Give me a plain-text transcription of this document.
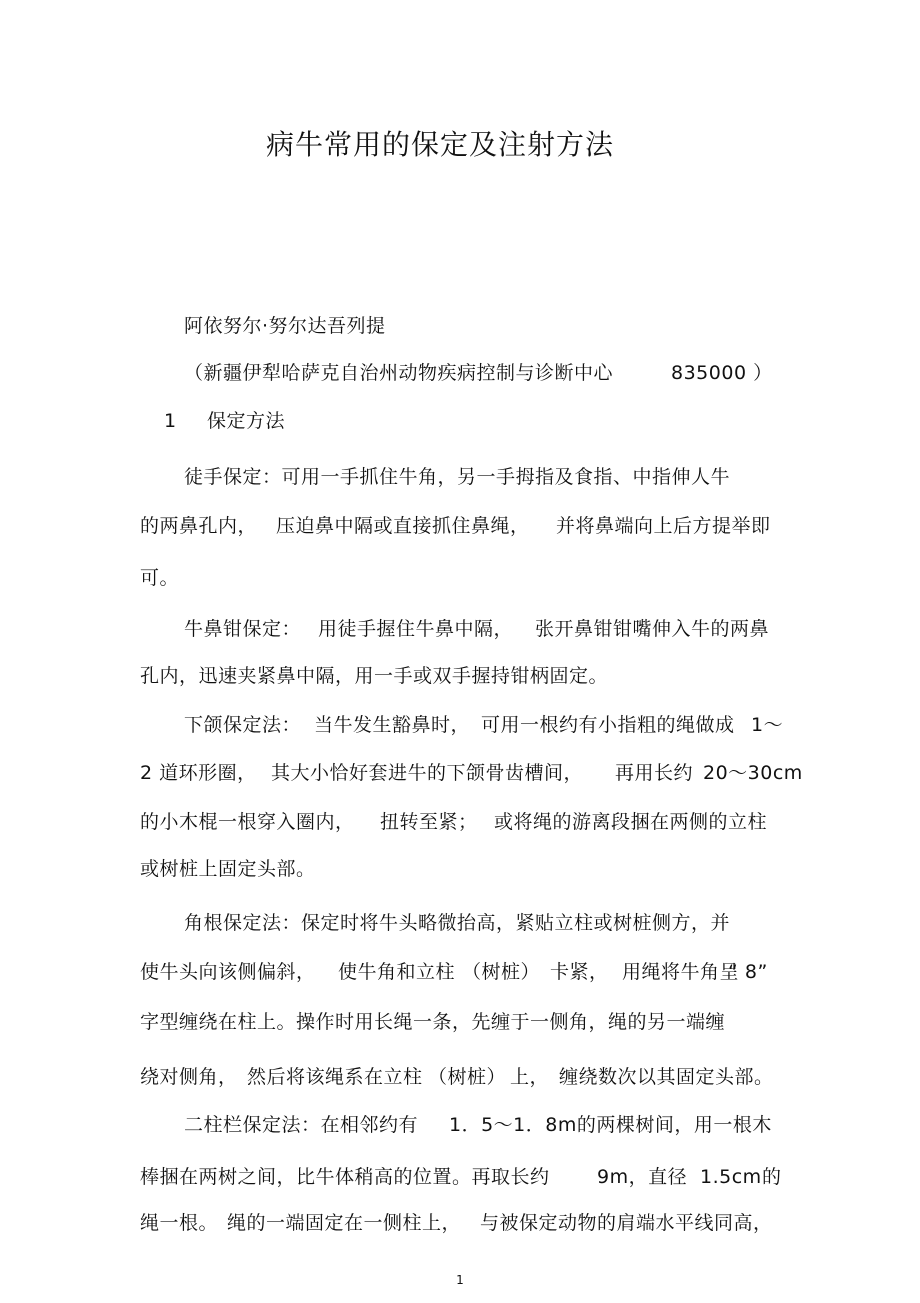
病牛常用的保定及注射方法
阿依努尔·努尔达吾列提
（新疆伊犁哈萨克自治州动物疾病控制与诊断中心	835000 ）
1 保定方法
徒手保定：可用一手抓住牛角，另一手拇指及食指、中指伸人牛
的两鼻孔内， 压迫鼻中隔或直接抓住鼻绳， 并将鼻端向上后方提举即
可。
牛鼻钳保定： 用徒手握住牛鼻中隔， 张开鼻钳钳嘴伸入牛的两鼻
孔内，迅速夹紧鼻中隔，用一手或双手握持钳柄固定。
下颌保定法： 当牛发生豁鼻时， 可用一根约有小指粗的绳做成 1～
2 道环形圈， 其大小恰好套进牛的下颌骨齿槽间， 再用长约 20～30cm
的小木棍一根穿入圈内， 扭转至紧； 或将绳的游离段捆在两侧的立柱
或树桩上固定头部。
角根保定法：保定时将牛头略微抬高，紧贴立柱或树桩侧方，并
使牛头向该侧偏斜， 使牛角和立柱 （树桩） 卡紧， 用绳将牛角呈
“ 8”
字型缠绕在柱上。操作时用长绳一条，先缠于一侧角，绳的另一端缠
绕对侧角， 然后将该绳系在立柱 （树桩） 上， 缠绕数次以其固定头部。
二柱栏保定法：在相邻约有 1．5～1．8m的两棵树间，用一根木
棒捆在两树之间，比牛体稍高的位置。再取长约 9m，直径 1.5cm 的
绳一根。 绳的一端固定在一侧柱上， 与被保定动物的肩端水平线同高，
1
